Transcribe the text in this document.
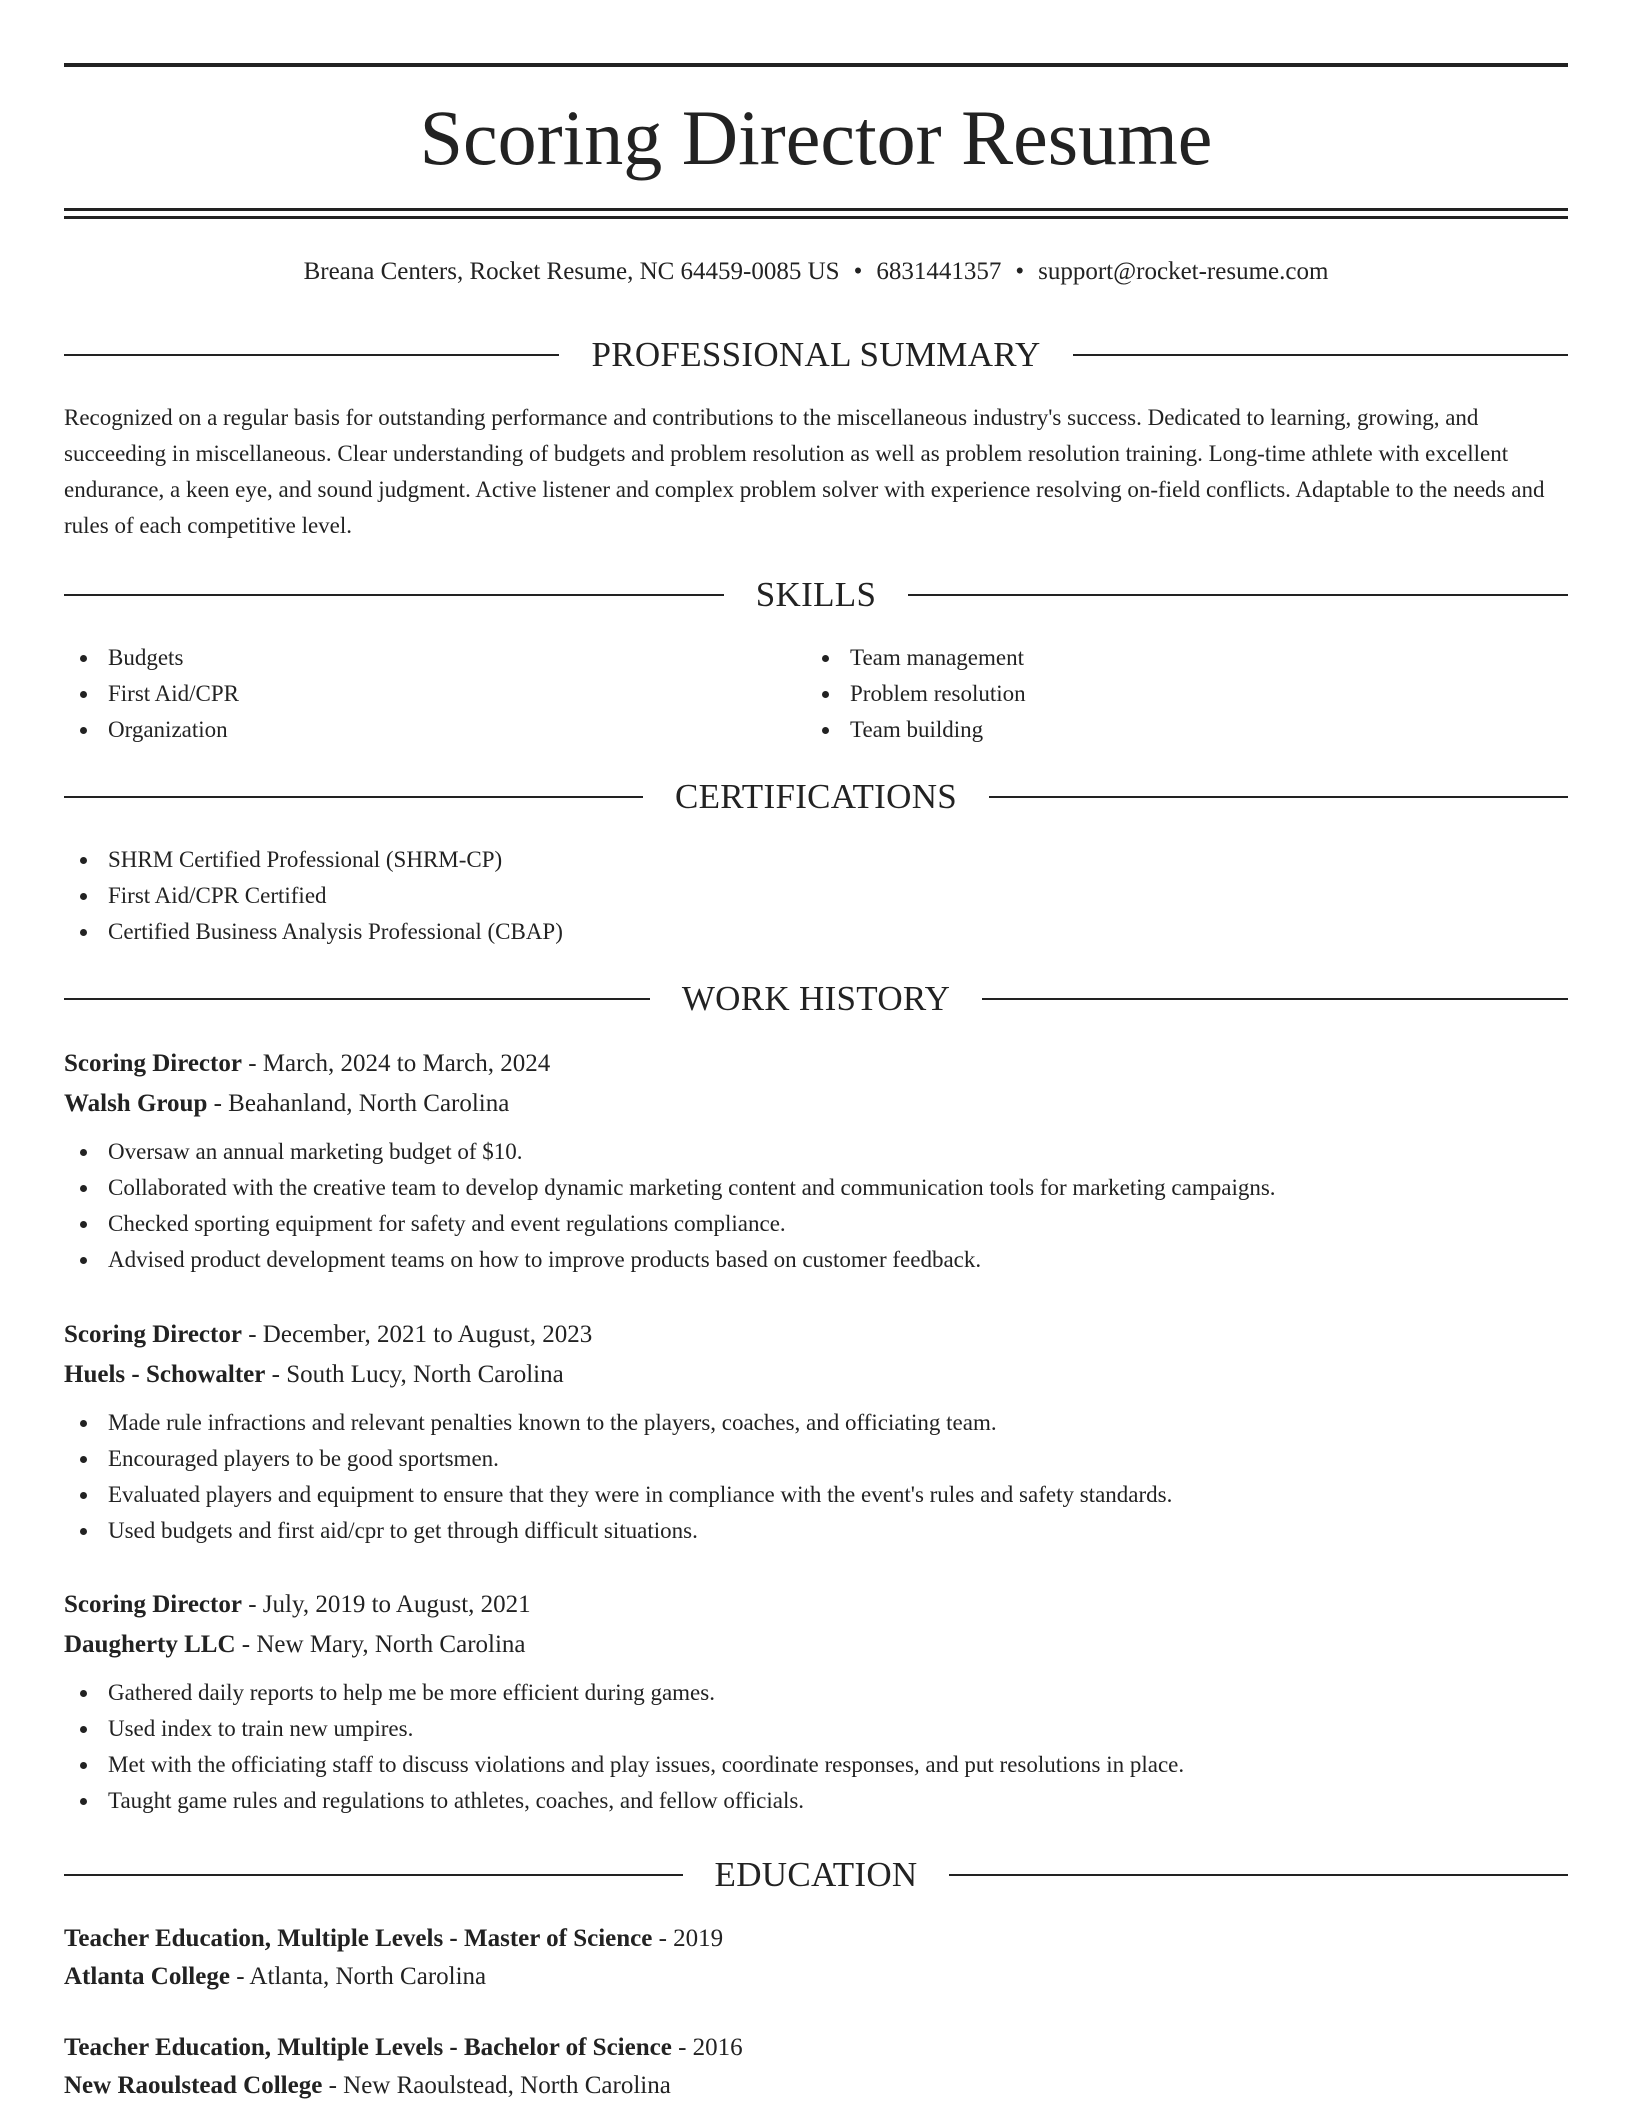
Scoring Director Resume
Breana Centers, Rocket Resume, NC 64459-0085 US • 6831441357 • support@rocket-resume.com
PROFESSIONAL SUMMARY

Recognized on a regular basis for outstanding performance and contributions to the miscellaneous industry's success. Dedicated to learning, growing, and succeeding in miscellaneous. Clear understanding of budgets and problem resolution as well as problem resolution training. Long-time athlete with excellent endurance, a keen eye, and sound judgment. Active listener and complex problem solver with experience resolving on-field conflicts. Adaptable to the needs and rules of each competitive level.

SKILLS
Budgets
First Aid/CPR
Organization
Team management
Problem resolution
Team building
CERTIFICATIONS
SHRM Certified Professional (SHRM-CP)
First Aid/CPR Certified
Certified Business Analysis Professional (CBAP)
WORK HISTORY
Scoring Director - March, 2024 to March, 2024
Walsh Group - Beahanland, North Carolina
Oversaw an annual marketing budget of $10.
Collaborated with the creative team to develop dynamic marketing content and communication tools for marketing campaigns.
Checked sporting equipment for safety and event regulations compliance.
Advised product development teams on how to improve products based on customer feedback.
Scoring Director - December, 2021 to August, 2023
Huels - Schowalter - South Lucy, North Carolina
Made rule infractions and relevant penalties known to the players, coaches, and officiating team.
Encouraged players to be good sportsmen.
Evaluated players and equipment to ensure that they were in compliance with the event's rules and safety standards.
Used budgets and first aid/cpr to get through difficult situations.
Scoring Director - July, 2019 to August, 2021
Daugherty LLC - New Mary, North Carolina
Gathered daily reports to help me be more efficient during games.
Used index to train new umpires.
Met with the officiating staff to discuss violations and play issues, coordinate responses, and put resolutions in place.
Taught game rules and regulations to athletes, coaches, and fellow officials.
EDUCATION
Teacher Education, Multiple Levels - Master of Science - 2019
Atlanta College - Atlanta, North Carolina
Teacher Education, Multiple Levels - Bachelor of Science - 2016
New Raoulstead College - New Raoulstead, North Carolina
